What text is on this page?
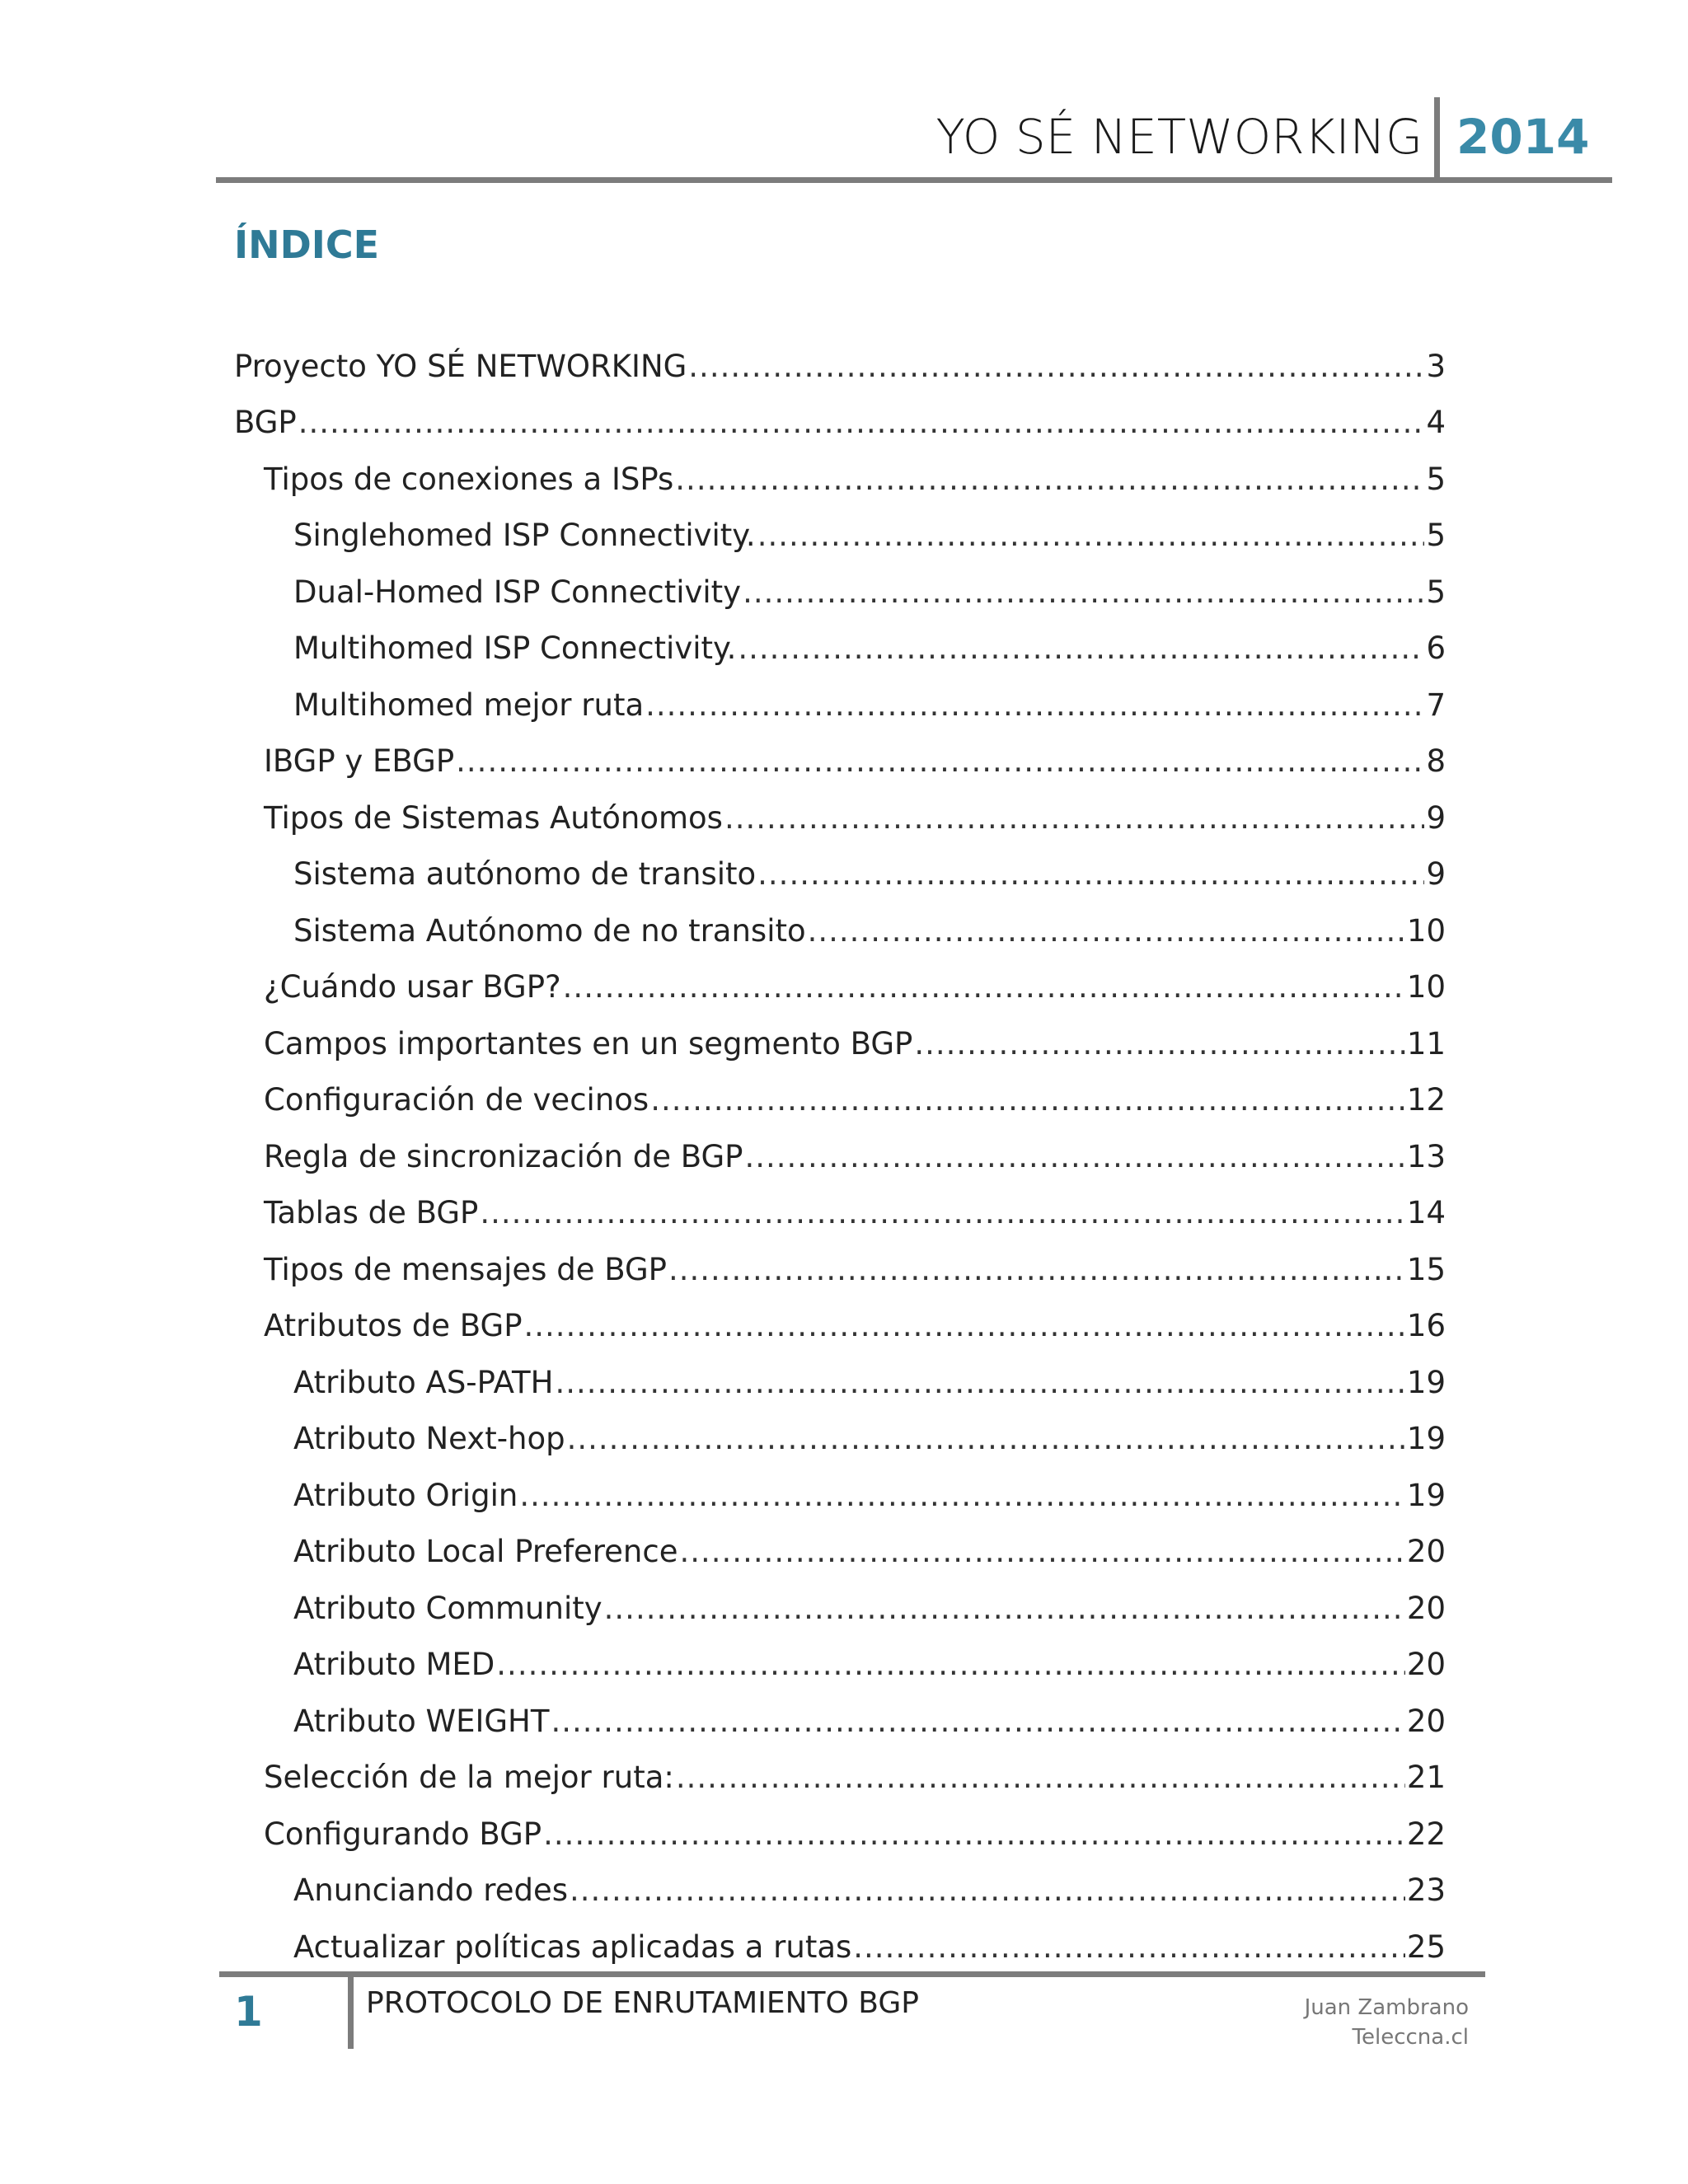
YO SÉ NETWORKING 2014
ÍNDICE
Proyecto YO SÉ NETWORKING .....	3
BGP .....	4
Tipos de conexiones a ISPs .....	5
Singlehomed ISP Connectivity. .....	5
Dual-Homed ISP Connectivity .....	5
Multihomed ISP Connectivity. .....	6
Multihomed mejor ruta .....	7
IBGP y EBGP .....	8
Tipos de Sistemas Autónomos .....	9
Sistema autónomo de transito .....	9
Sistema Autónomo de no transito .....	10
¿Cuándo usar BGP? .....	10
Campos importantes en un segmento BGP .....	11
Configuración de vecinos .....	12
Regla de sincronización de BGP .....	13
Tablas de BGP .....	14
Tipos de mensajes de BGP .....	15
Atributos de BGP .....	16
Atributo AS-PATH .....	19
Atributo Next-hop .....	19
Atributo Origin .....	19
Atributo Local Preference .....	20
Atributo Community .....	20
Atributo MED .....	20
Atributo WEIGHT .....	20
Selección de la mejor ruta: .....	21
Configurando BGP .....	22
Anunciando redes .....	23
Actualizar políticas aplicadas a rutas .....	25
1	PROTOCOLO DE ENRUTAMIENTO BGP	Juan Zambrano
Teleccna.cl
